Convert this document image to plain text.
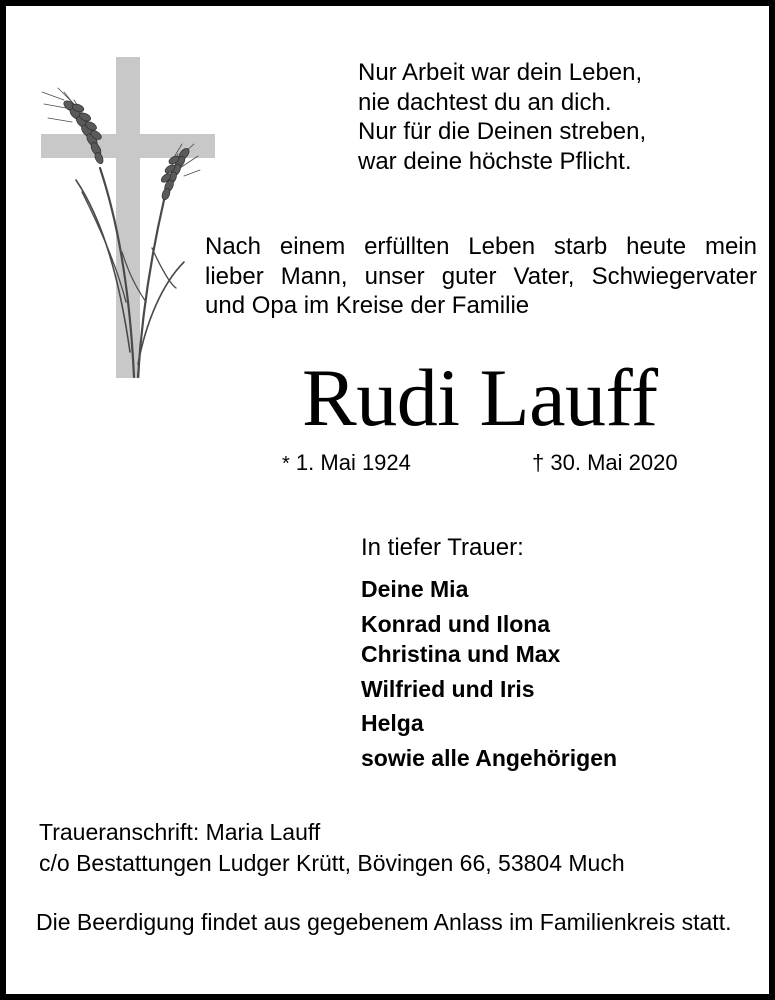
Nur Arbeit war dein Leben,
nie dachtest du an dich.
Nur für die Deinen streben,
war deine höchste Pflicht.
Nach einem erfüllten Leben starb heute mein
lieber Mann, unser guter Vater, Schwiegervater
und Opa im Kreise der Familie
Rudi Lauff
* 1. Mai 1924	† 30. Mai 2020
In tiefer Trauer:
Deine Mia
Konrad und Ilona
Christina und Max
Wilfried und Iris
Helga
sowie alle Angehörigen
Traueranschrift: Maria Lauff
c/o Bestattungen Ludger Krütt, Bövingen 66, 53804 Much
Die Beerdigung findet aus gegebenem Anlass im Familienkreis statt.
